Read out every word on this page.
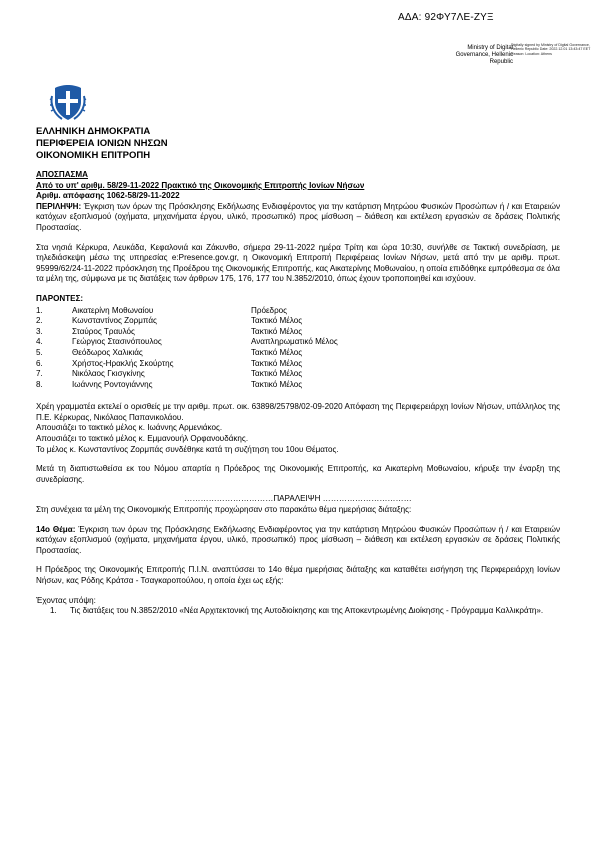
ΑΔΑ: 92ΦΥ7ΛΕ-ΖΥΞ
Ministry of Digital Governance, Hellenic Republic
Digitally signed by Ministry of Digital Governance, Hellenic Republic Date: 2022.12.01 13:43:47 EET Reason: Location: Athens
ΕΛΛΗΝΙΚΗ ΔΗΜΟΚΡΑΤΙΑ
ΠΕΡΙΦΕΡΕΙΑ ΙΟΝΙΩΝ ΝΗΣΩΝ
ΟΙΚΟΝΟΜΙΚΗ ΕΠΙΤΡΟΠΗ

ΑΠΟΣΠΑΣΜΑ

Από το υπ' αριθμ. 58/29-11-2022 Πρακτικό της Οικονομικής Επιτροπής Ιονίων Νήσων

Αριθμ. απόφασης 1062-58/29-11-2022

ΠΕΡΙΛΗΨΗ: Έγκριση των όρων της Πρόσκλησης Εκδήλωσης Ενδιαφέροντος για την κατάρτιση Μητρώου Φυσικών Προσώπων ή / και Εταιρειών κατόχων εξοπλισμού (οχήματα, μηχανήματα έργου, υλικό, προσωπικό) προς μίσθωση – διάθεση και εκτέλεση εργασιών σε δράσεις Πολιτικής Προστασίας.

Στα νησιά Κέρκυρα, Λευκάδα, Κεφαλονιά και Ζάκυνθο, σήμερα 29-11-2022 ημέρα Τρίτη και ώρα 10:30, συνήλθε σε Τακτική συνεδρίαση, με τηλεδιάσκεψη μέσω της υπηρεσίας e:Presence.gov.gr, η Οικονομική Επιτροπή Περιφέρειας Ιονίων Νήσων, μετά από την με αριθμ. πρωτ. 95999/62/24-11-2022 πρόσκληση της Προέδρου της Οικονομικής Επιτροπής, κας Αικατερίνης Μοθωναίου, η οποία επιδόθηκε εμπρόθεσμα σε όλα τα μέλη της, σύμφωνα με τις διατάξεις των άρθρων 175, 176, 177 του Ν.3852/2010, όπως έχουν τροποποιηθεί και ισχύουν.

ΠΑΡΟΝΤΕΣ:

1.	Αικατερίνη Μοθωναίου	Πρόεδρος
2.	Κωνσταντίνος Ζορμπάς	Τακτικό Μέλος
3.	Σταύρος Τραυλός	Τακτικό Μέλος
4.	Γεώργιος Στασινόπουλος	Αναπληρωματικό Μέλος
5.	Θεόδωρος Χαλικιάς	Τακτικό Μέλος
6.	Χρήστος-Ηρακλής Σκούρτης	Τακτικό Μέλος
7.	Νικόλαος Γκισγκίνης	Τακτικό Μέλος
8.	Ιωάννης Ροντογιάννης	Τακτικό Μέλος

Χρέη γραμματέα εκτελεί ο ορισθείς με την αριθμ. πρωτ. οικ. 63898/25798/02-09-2020 Απόφαση της Περιφερειάρχη Ιονίων Νήσων, υπάλληλος της Π.Ε. Κέρκυρας, Νικόλαος Παπανικολάου.

Απουσιάζει το τακτικό μέλος κ. Ιωάννης Αρμενιάκος.

Απουσιάζει το τακτικό μέλος κ. Εμμανουήλ Ορφανουδάκης.

Το μέλος κ. Κωνσταντίνος Ζορμπάς συνδέθηκε κατά τη συζήτηση του 10ου Θέματος.

Μετά τη διαπιστωθείσα εκ του Νόμου απαρτία η Πρόεδρος της Οικονομικής Επιτροπής, κα Αικατερίνη Μοθωναίου, κήρυξε την έναρξη της συνεδρίασης.

……………………………ΠΑΡΑΛΕΙΨΗ ……………………………

Στη συνέχεια τα μέλη της Οικονομικής Επιτροπής προχώρησαν στο παρακάτω θέμα ημερήσιας διάταξης:

14ο Θέμα: Έγκριση των όρων της Πρόσκλησης Εκδήλωσης Ενδιαφέροντος για την κατάρτιση Μητρώου Φυσικών Προσώπων ή / και Εταιρειών κατόχων εξοπλισμού (οχήματα, μηχανήματα έργου, υλικό, προσωπικό) προς μίσθωση – διάθεση και εκτέλεση εργασιών σε δράσεις Πολιτικής Προστασίας.

Η Πρόεδρος της Οικονομικής Επιτροπής Π.Ι.Ν. αναπτύσσει το 14ο θέμα ημερήσιας διάταξης και καταθέτει εισήγηση της Περιφερειάρχη Ιονίων Νήσων, κας Ρόδης Κράτσα - Τσαγκαροπούλου, η οποία έχει ως εξής:

Έχοντας υπόψη:

1.	Τις διατάξεις του Ν.3852/2010 «Νέα Αρχιτεκτονική της Αυτοδιοίκησης και της Αποκεντρωμένης Διοίκησης - Πρόγραμμα Καλλικράτη».
